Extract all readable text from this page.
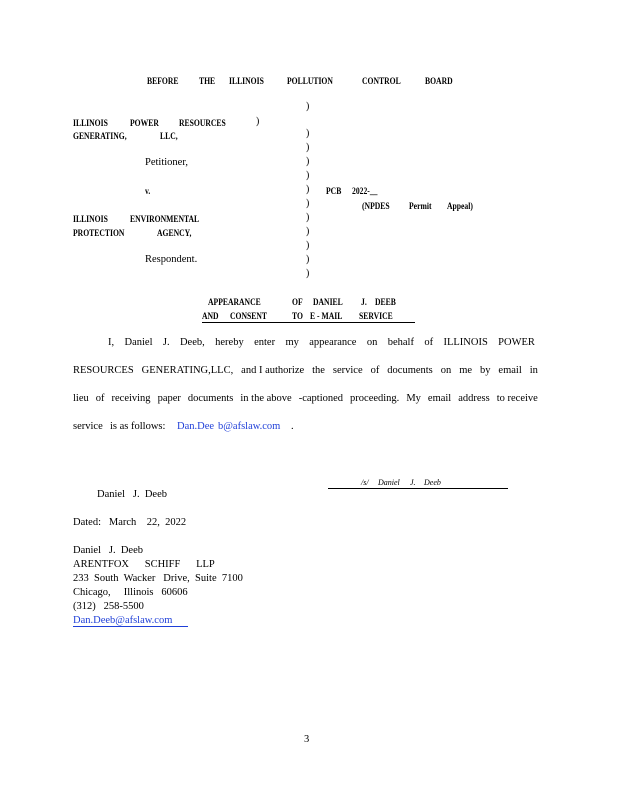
BEFORE THE ILLINOIS	POLLUTION	CONTROL	BOARD
ILLINOIS POWER RESOURCES	)
GENERATING,	LLC,
Petitioner,
v.
ILLINOIS ENVIRONMENTAL
PROTECTION	AGENCY,
Respondent.
)
)
)
)
)
)
)
)
)
)
)
)
PCB 2022-__
(NPDES Permit Appeal)
APPEARANCE	OF DANIEL J. DEEB
AND CONSENT	TO E - MAIL SERVICE
I, Daniel J. Deeb, hereby enter my appearance on behalf of ILLINOIS POWER
RESOURCES GENERATING,LLC, and I authorize the service of documents on me by email in
lieu of receiving paper documents in the above -captioned proceeding. My email address to receive
service is as follows: Dan.Dee b@afslaw.com .
/s/ Daniel J. Deeb
Daniel   J.  Deeb
Dated:   March    22,  2022
Daniel   J.  Deeb
ARENTFOX      SCHIFF      LLP
233  South  Wacker   Drive,  Suite  7100
Chicago,     Illinois   60606
(312)   258-5500
Dan.Deeb@afslaw.com
3
